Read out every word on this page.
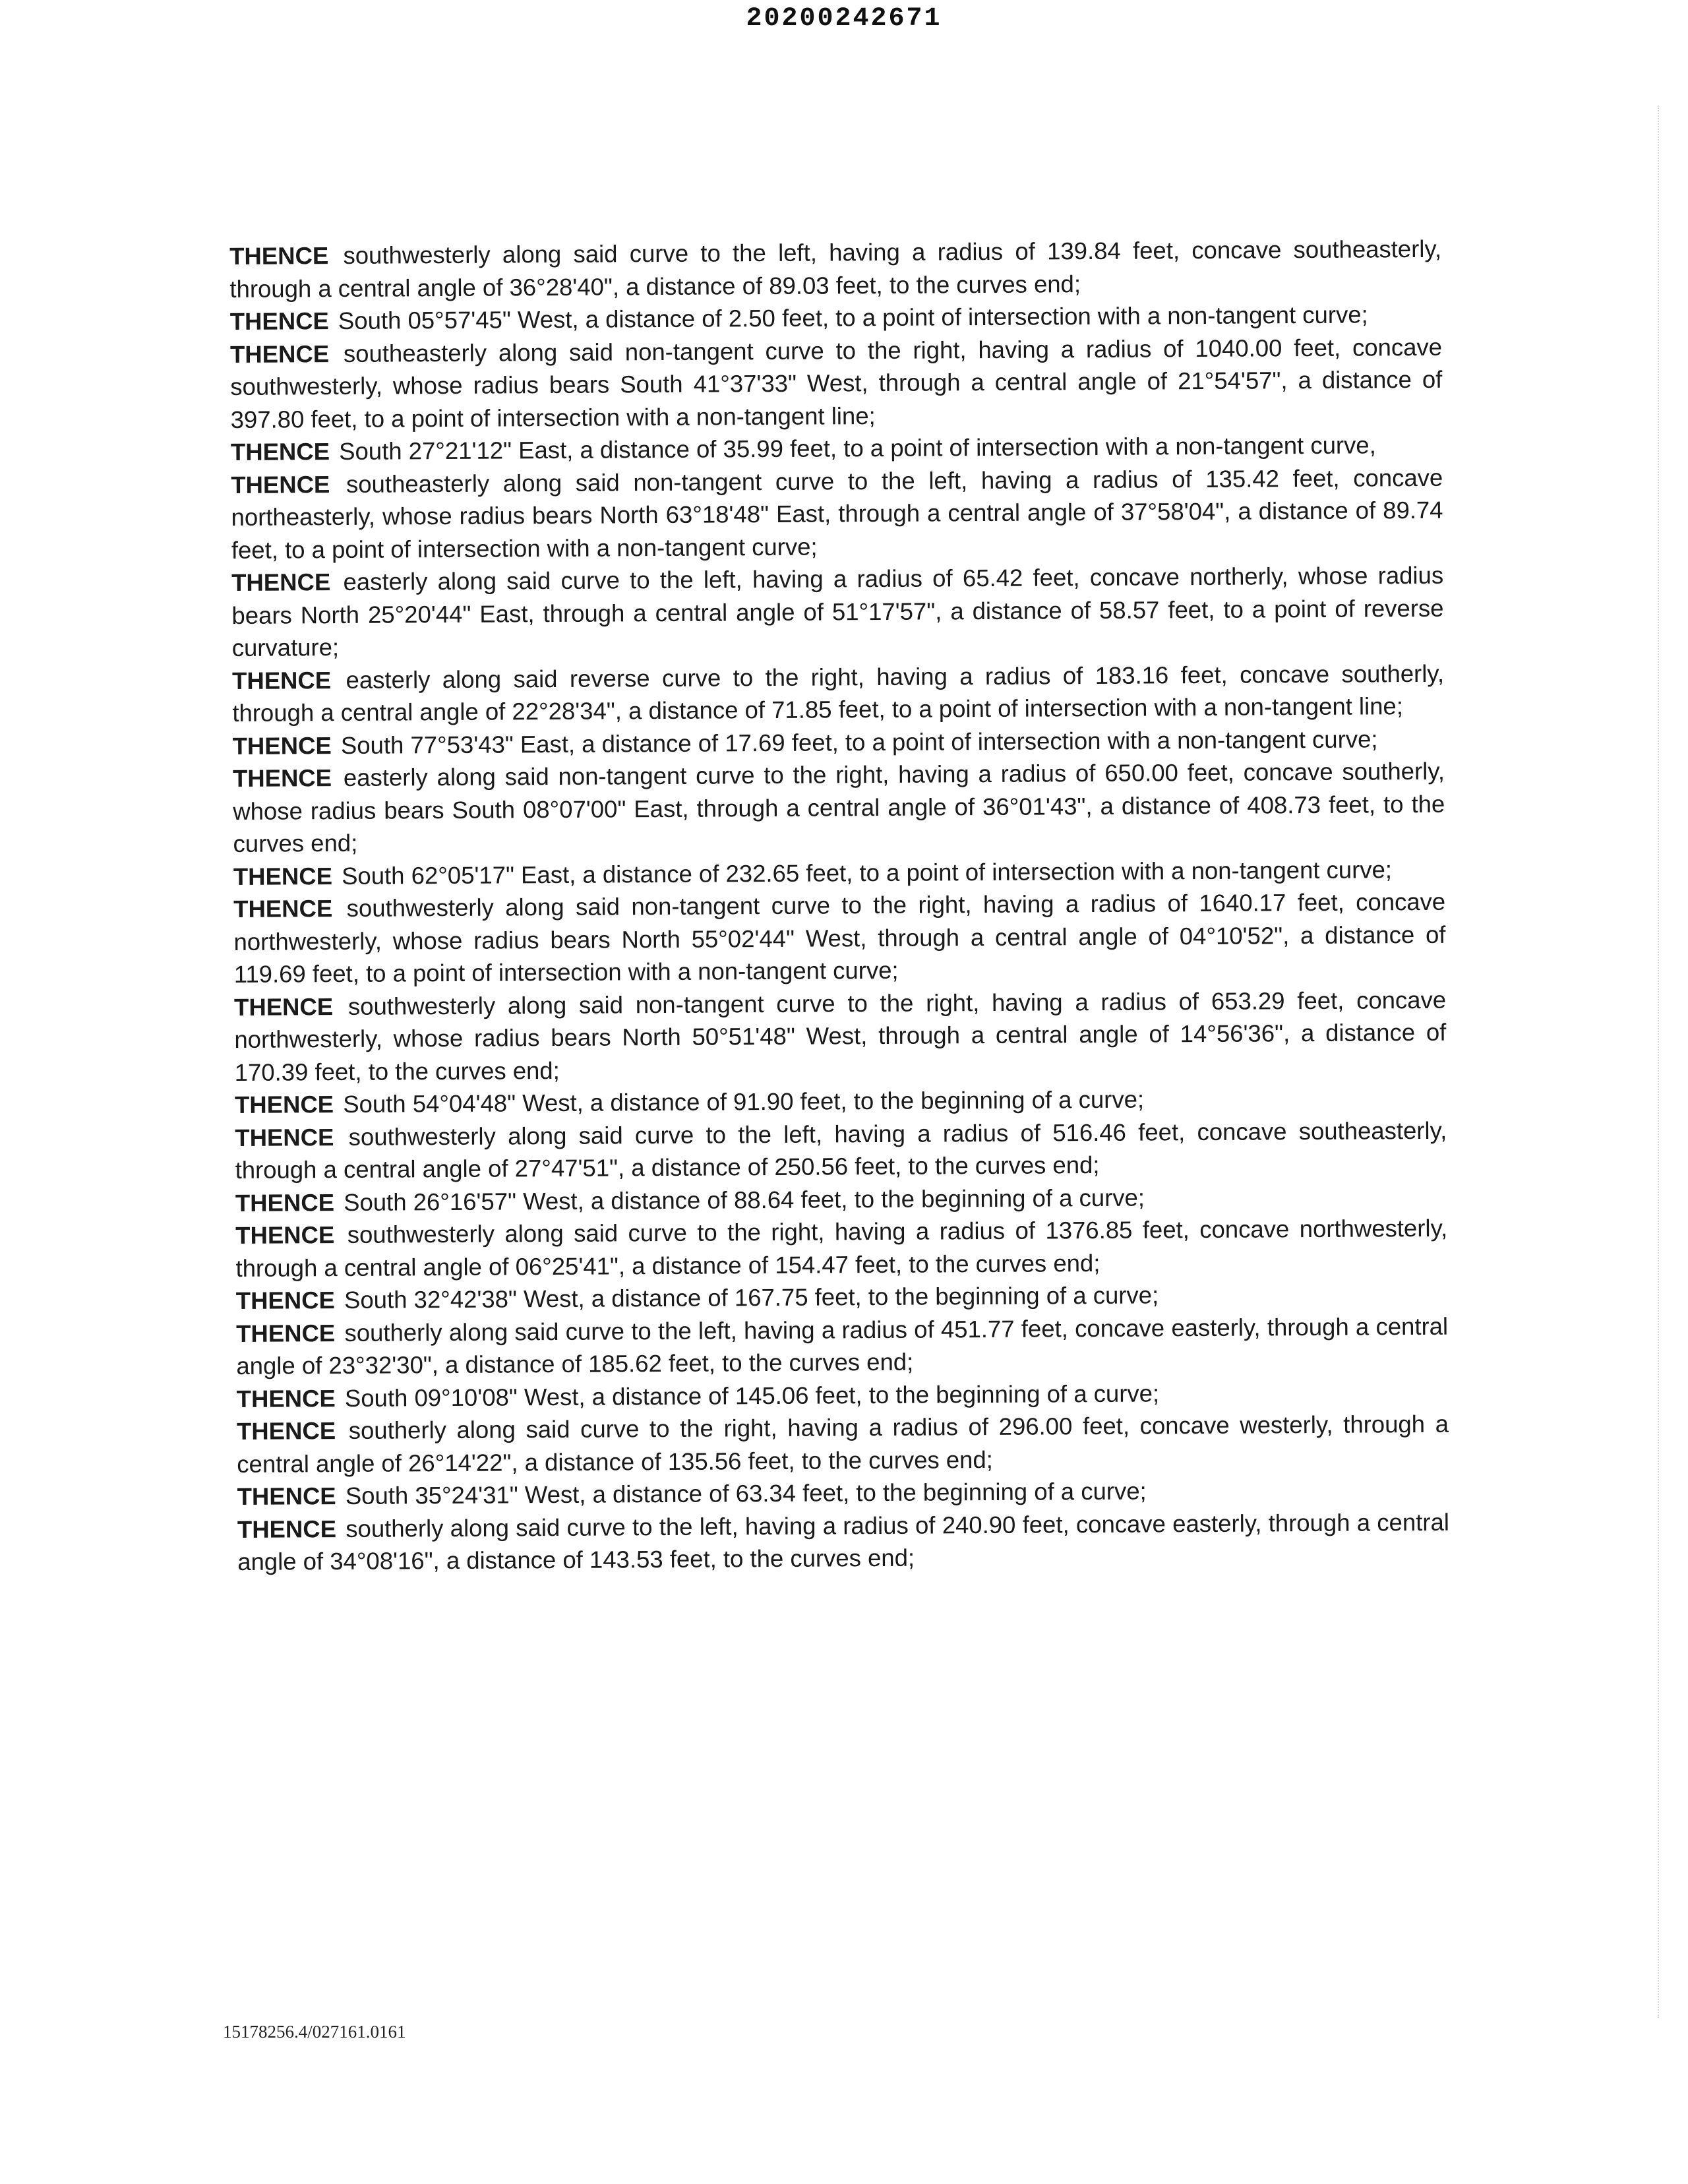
20200242671
THENCE southwesterly along said curve to the left, having a radius of 139.84 feet, concave southeasterly, through a central angle of 36°28'40", a distance of 89.03 feet, to the curves end;
THENCE South 05°57'45" West, a distance of 2.50 feet, to a point of intersection with a non-tangent curve;
THENCE southeasterly along said non-tangent curve to the right, having a radius of 1040.00 feet, concave southwesterly, whose radius bears South 41°37'33" West, through a central angle of 21°54'57", a distance of 397.80 feet, to a point of intersection with a non-tangent line;
THENCE South 27°21'12" East, a distance of 35.99 feet, to a point of intersection with a non-tangent curve,
THENCE southeasterly along said non-tangent curve to the left, having a radius of 135.42 feet, concave northeasterly, whose radius bears North 63°18'48" East, through a central angle of 37°58'04", a distance of 89.74 feet, to a point of intersection with a non-tangent curve;
THENCE easterly along said curve to the left, having a radius of 65.42 feet, concave northerly, whose radius bears North 25°20'44" East, through a central angle of 51°17'57", a distance of 58.57 feet, to a point of reverse curvature;
THENCE easterly along said reverse curve to the right, having a radius of 183.16 feet, concave southerly, through a central angle of 22°28'34", a distance of 71.85 feet, to a point of intersection with a non-tangent line;
THENCE South 77°53'43" East, a distance of 17.69 feet, to a point of intersection with a non-tangent curve;
THENCE easterly along said non-tangent curve to the right, having a radius of 650.00 feet, concave southerly, whose radius bears South 08°07'00" East, through a central angle of 36°01'43", a distance of 408.73 feet, to the curves end;
THENCE South 62°05'17" East, a distance of 232.65 feet, to a point of intersection with a non-tangent curve;
THENCE southwesterly along said non-tangent curve to the right, having a radius of 1640.17 feet, concave northwesterly, whose radius bears North 55°02'44" West, through a central angle of 04°10'52", a distance of 119.69 feet, to a point of intersection with a non-tangent curve;
THENCE southwesterly along said non-tangent curve to the right, having a radius of 653.29 feet, concave northwesterly, whose radius bears North 50°51'48" West, through a central angle of 14°56'36", a distance of 170.39 feet, to the curves end;
THENCE South 54°04'48" West, a distance of 91.90 feet, to the beginning of a curve;
THENCE southwesterly along said curve to the left, having a radius of 516.46 feet, concave southeasterly, through a central angle of 27°47'51", a distance of 250.56 feet, to the curves end;
THENCE South 26°16'57" West, a distance of 88.64 feet, to the beginning of a curve;
THENCE southwesterly along said curve to the right, having a radius of 1376.85 feet, concave northwesterly, through a central angle of 06°25'41", a distance of 154.47 feet, to the curves end;
THENCE South 32°42'38" West, a distance of 167.75 feet, to the beginning of a curve;
THENCE southerly along said curve to the left, having a radius of 451.77 feet, concave easterly, through a central angle of 23°32'30", a distance of 185.62 feet, to the curves end;
THENCE South 09°10'08" West, a distance of 145.06 feet, to the beginning of a curve;
THENCE southerly along said curve to the right, having a radius of 296.00 feet, concave westerly, through a central angle of 26°14'22", a distance of 135.56 feet, to the curves end;
THENCE South 35°24'31" West, a distance of 63.34 feet, to the beginning of a curve;
THENCE southerly along said curve to the left, having a radius of 240.90 feet, concave easterly, through a central angle of 34°08'16", a distance of 143.53 feet, to the curves end;
15178256.4/027161.0161
